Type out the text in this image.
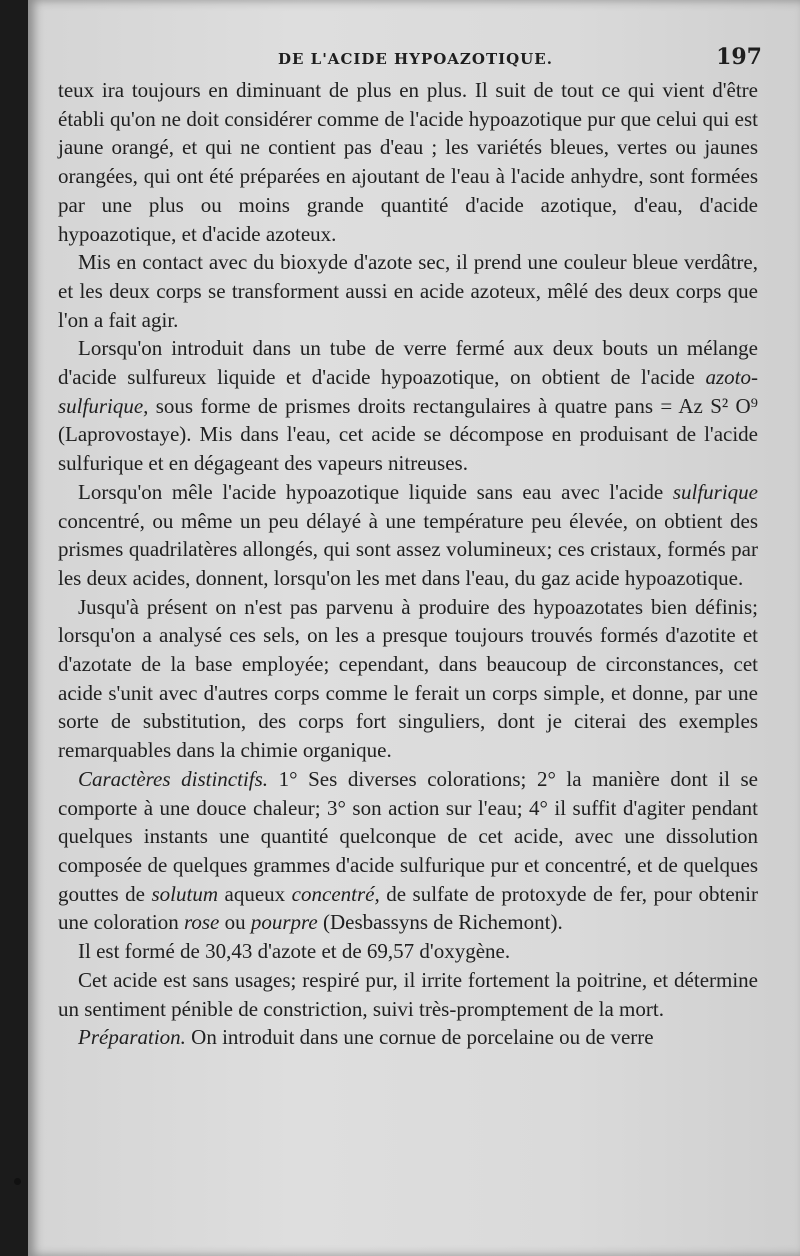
DE L'ACIDE HYPOAZOTIQUE.	197

teux ira toujours en diminuant de plus en plus. Il suit de tout ce qui vient d'être établi qu'on ne doit considérer comme de l'acide hypoazotique pur que celui qui est jaune orangé, et qui ne contient pas d'eau ; les variétés bleues, vertes ou jaunes orangées, qui ont été préparées en ajoutant de l'eau à l'acide anhydre, sont formées par une plus ou moins grande quantité d'acide azotique, d'eau, d'acide hypoazotique, et d'acide azoteux.

Mis en contact avec du bioxyde d'azote sec, il prend une couleur bleue verdâtre, et les deux corps se transforment aussi en acide azoteux, mêlé des deux corps que l'on a fait agir.

Lorsqu'on introduit dans un tube de verre fermé aux deux bouts un mélange d'acide sulfureux liquide et d'acide hypoazotique, on obtient de l'acide azoto-sulfurique, sous forme de prismes droits rectangulaires à quatre pans = Az S² O⁹ (Laprovostaye). Mis dans l'eau, cet acide se décompose en produisant de l'acide sulfurique et en dégageant des vapeurs nitreuses.

Lorsqu'on mêle l'acide hypoazotique liquide sans eau avec l'acide sulfurique concentré, ou même un peu délayé à une température peu élevée, on obtient des prismes quadrilatères allongés, qui sont assez volumineux; ces cristaux, formés par les deux acides, donnent, lorsqu'on les met dans l'eau, du gaz acide hypoazotique.

Jusqu'à présent on n'est pas parvenu à produire des hypoazotates bien définis; lorsqu'on a analysé ces sels, on les a presque toujours trouvés formés d'azotite et d'azotate de la base employée; cependant, dans beaucoup de circonstances, cet acide s'unit avec d'autres corps comme le ferait un corps simple, et donne, par une sorte de substitution, des corps fort singuliers, dont je citerai des exemples remarquables dans la chimie organique.

Caractères distinctifs. 1° Ses diverses colorations; 2° la manière dont il se comporte à une douce chaleur; 3° son action sur l'eau; 4° il suffit d'agiter pendant quelques instants une quantité quelconque de cet acide, avec une dissolution composée de quelques grammes d'acide sulfurique pur et concentré, et de quelques gouttes de solutum aqueux concentré, de sulfate de protoxyde de fer, pour obtenir une coloration rose ou pourpre (Desbassyns de Richemont).

Il est formé de 30,43 d'azote et de 69,57 d'oxygène.

Cet acide est sans usages; respiré pur, il irrite fortement la poitrine, et détermine un sentiment pénible de constriction, suivi très-promptement de la mort.

Préparation. On introduit dans une cornue de porcelaine ou de verre
